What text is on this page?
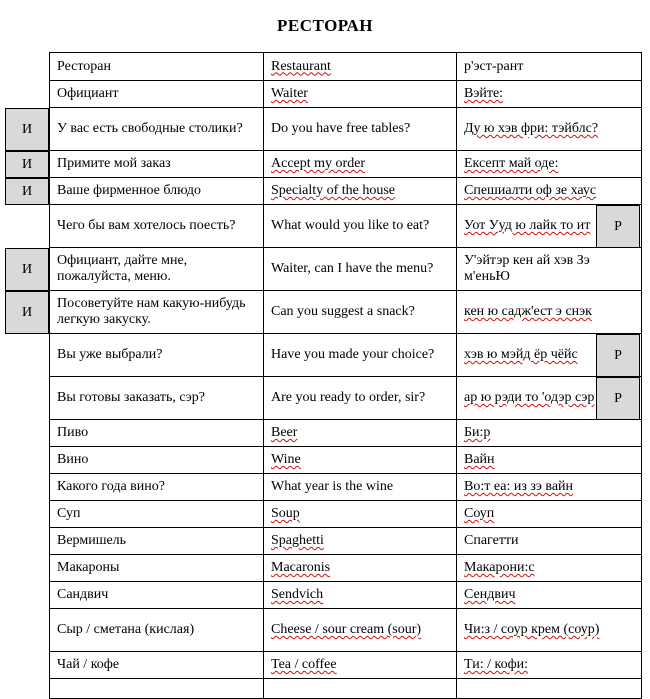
РЕСТОРАН
Ресторан	Restaurant	р'эст-рант
Официант	Waiter	Вэйте:
У вас есть свободные столики?	Do you have free tables?	Ду ю хэв фри: тэйблс?
Примите мой заказ	Accept my order	Ексепт май оде:
Ваше фирменное блюдо	Specialty of the house	Спешиалти оф зе хаус
Чего бы вам хотелось поесть?	What would you like to eat?	Уот Ууд ю лайк то ит
Официант, дайте мне, пожалуйста, меню.	Waiter, can I have the menu?	У'эйтэр кен ай хэв Зэ м'еньЮ
Посоветуйте нам какую-нибудь легкую закуску.	Can you suggest a snack?	кен ю садж'ест э снэк
Вы уже выбрали?	Have you made your choice?	хэв ю мэйд ёр чёйс
Вы готовы заказать, сэр?	Are you ready to order, sir?	ар ю рэди то 'одэр сэр
Пиво	Beer	Би:р
Вино	Wine	Вайн
Какого года вино?	What year is the wine	Во:т еа: из зэ вайн
Суп	Soup	Соуп
Вермишель	Spaghetti	Спагетти
Макароны	Macaronis	Макарони:с
Сандвич	Sendvich	Сендвич
Сыр / сметана (кислая)	Cheese / sour cream (sour)	Чи:з / соур крем (соур)
Чай / кофе	Tea / coffee	Ти: / кофи:

И
И
И
И
И
Р
Р
Р
